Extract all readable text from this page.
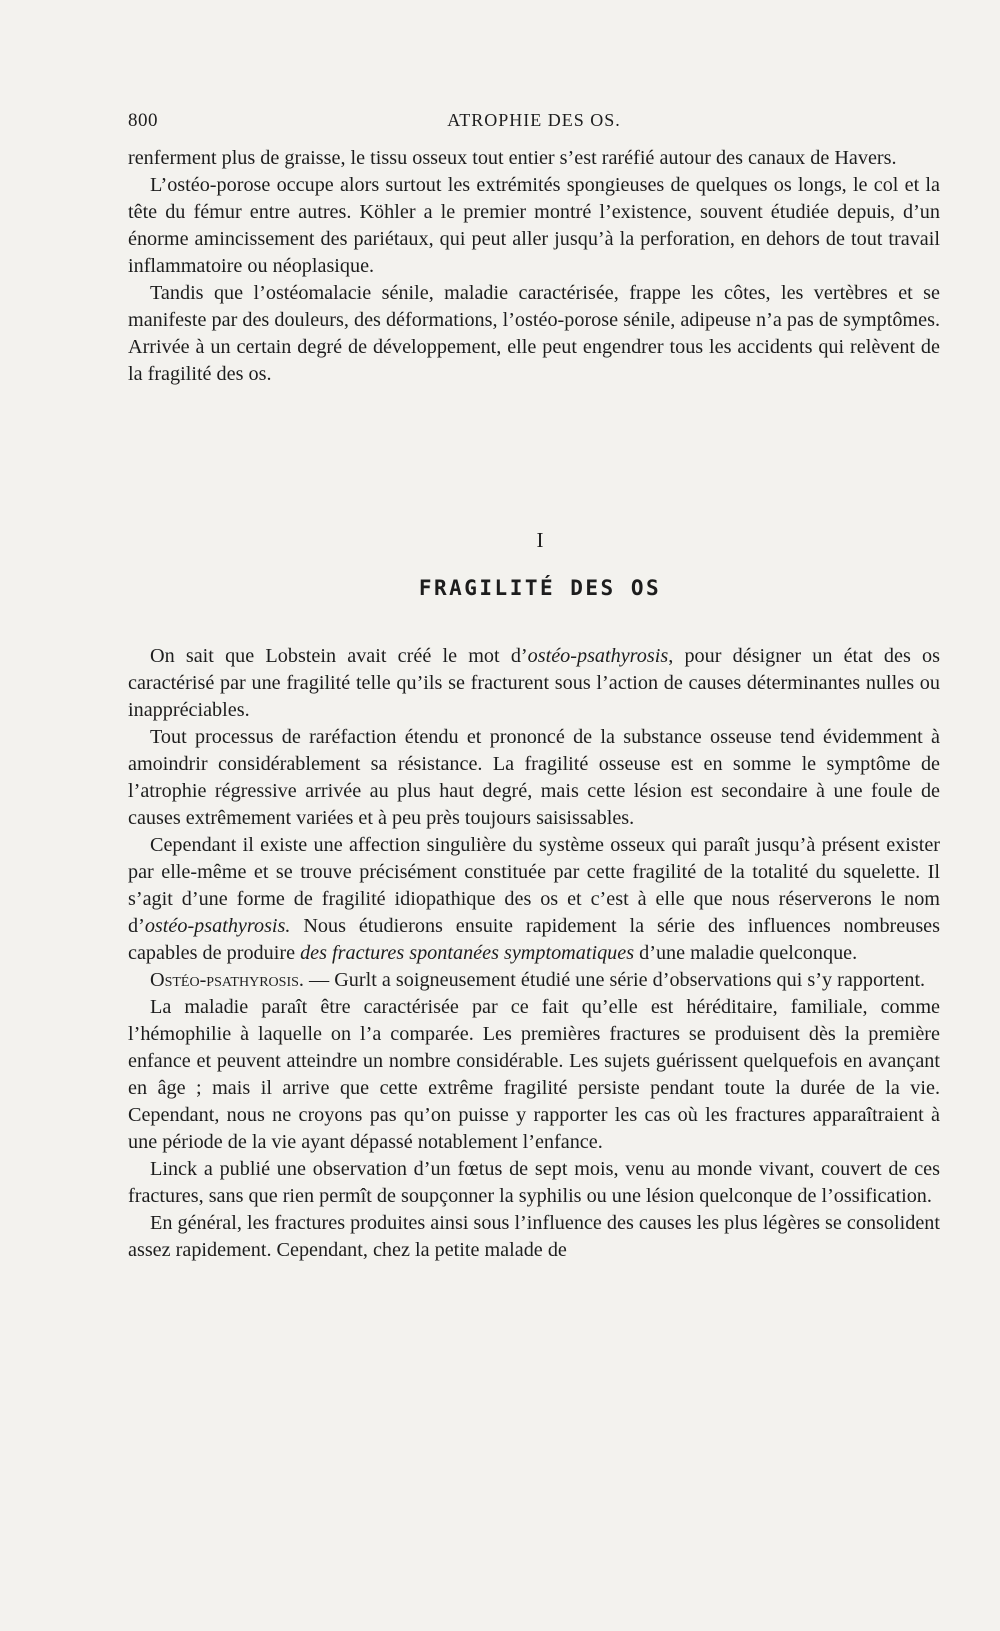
800	ATROPHIE DES OS.

renferment plus de graisse, le tissu osseux tout entier s’est raréfié autour des canaux de Havers.

L’ostéo-porose occupe alors surtout les extrémités spongieuses de quelques os longs, le col et la tête du fémur entre autres. Köhler a le premier montré l’existence, souvent étudiée depuis, d’un énorme amincissement des pariétaux, qui peut aller jusqu’à la perforation, en dehors de tout travail inflammatoire ou néoplasique.

Tandis que l’ostéomalacie sénile, maladie caractérisée, frappe les côtes, les vertèbres et se manifeste par des douleurs, des déformations, l’ostéo-porose sénile, adipeuse n’a pas de symptômes. Arrivée à un certain degré de développement, elle peut engendrer tous les accidents qui relèvent de la fragilité des os.

I
FRAGILITÉ DES OS

On sait que Lobstein avait créé le mot d’ostéo-psathyrosis, pour désigner un état des os caractérisé par une fragilité telle qu’ils se fracturent sous l’action de causes déterminantes nulles ou inappréciables.

Tout processus de raréfaction étendu et prononcé de la substance osseuse tend évidemment à amoindrir considérablement sa résistance. La fragilité osseuse est en somme le symptôme de l’atrophie régressive arrivée au plus haut degré, mais cette lésion est secondaire à une foule de causes extrêmement variées et à peu près toujours saisissables.

Cependant il existe une affection singulière du système osseux qui paraît jusqu’à présent exister par elle-même et se trouve précisément constituée par cette fragilité de la totalité du squelette. Il s’agit d’une forme de fragilité idiopathique des os et c’est à elle que nous réserverons le nom d’ostéo-psathyrosis. Nous étudierons ensuite rapidement la série des influences nombreuses capables de produire des fractures spontanées symptomatiques d’une maladie quelconque.

Ostéo-psathyrosis. — Gurlt a soigneusement étudié une série d’observations qui s’y rapportent.

La maladie paraît être caractérisée par ce fait qu’elle est héréditaire, familiale, comme l’hémophilie à laquelle on l’a comparée. Les premières fractures se produisent dès la première enfance et peuvent atteindre un nombre considérable. Les sujets guérissent quelquefois en avançant en âge ; mais il arrive que cette extrême fragilité persiste pendant toute la durée de la vie. Cependant, nous ne croyons pas qu’on puisse y rapporter les cas où les fractures apparaîtraient à une période de la vie ayant dépassé notablement l’enfance.

Linck a publié une observation d’un fœtus de sept mois, venu au monde vivant, couvert de ces fractures, sans que rien permît de soupçonner la syphilis ou une lésion quelconque de l’ossification.

En général, les fractures produites ainsi sous l’influence des causes les plus légères se consolident assez rapidement. Cependant, chez la petite malade de
